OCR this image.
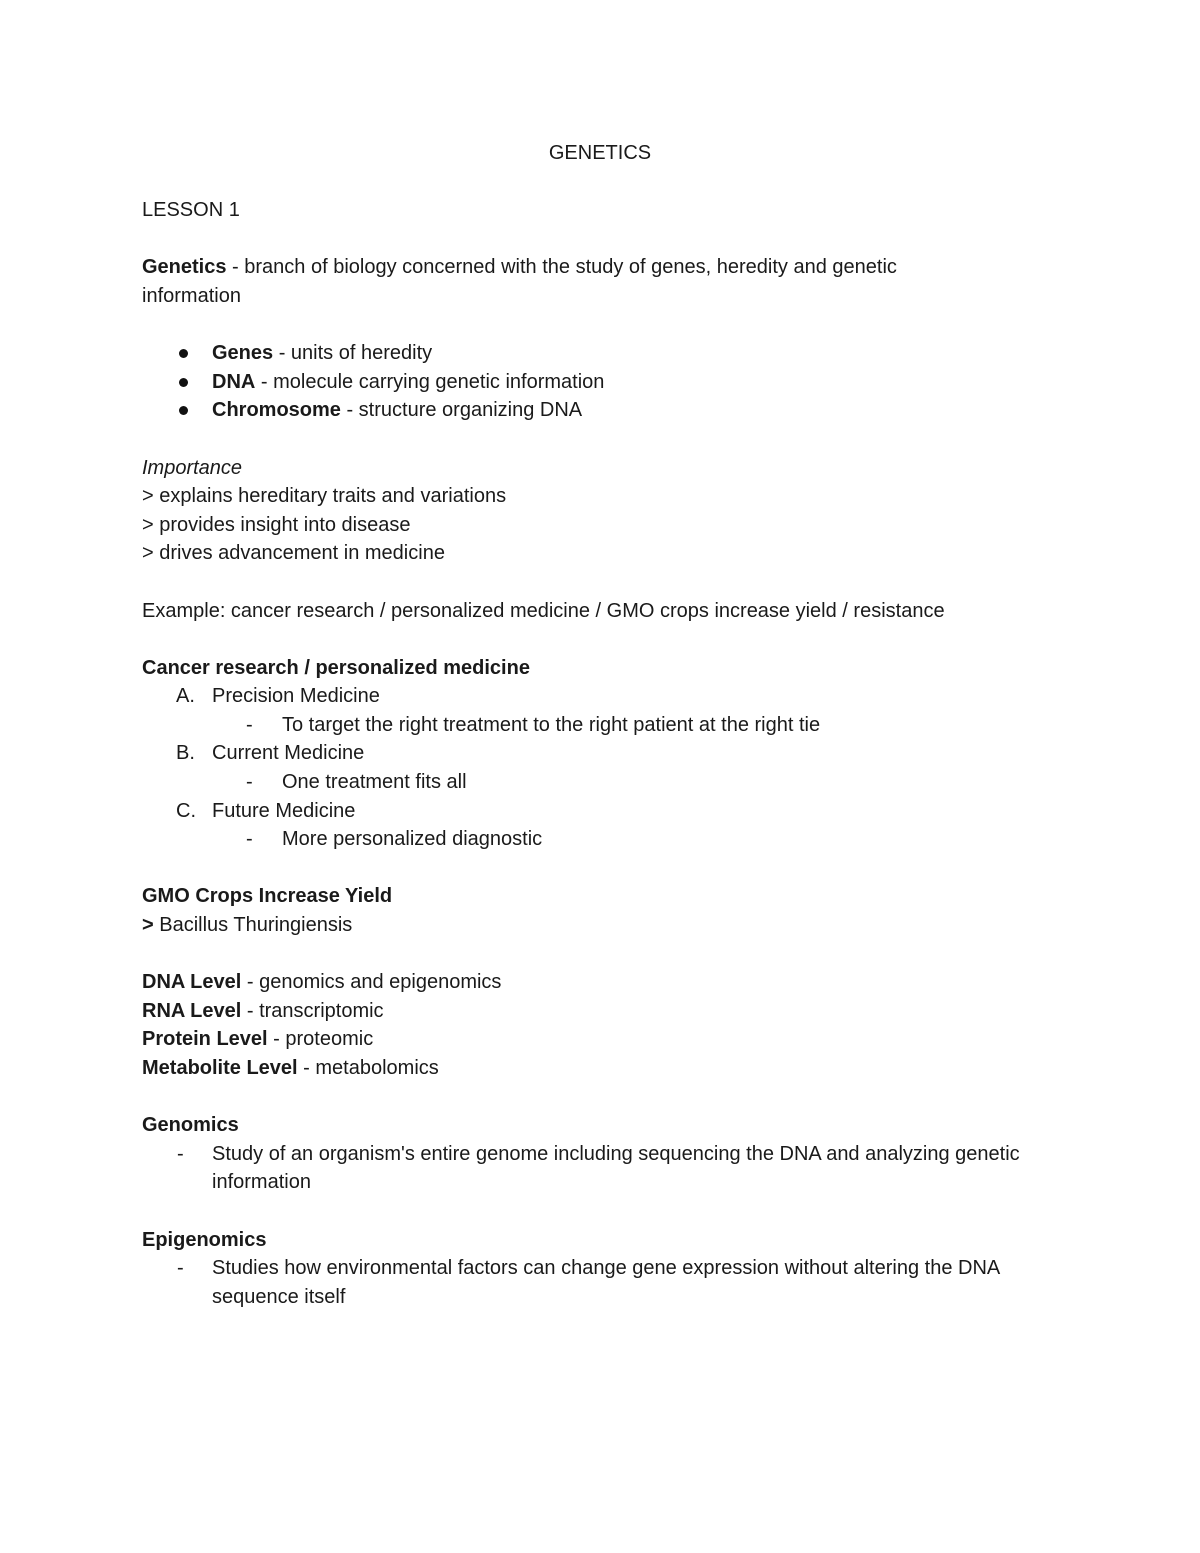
GENETICS
LESSON 1
Genetics - branch of biology concerned with the study of genes, heredity and genetic
information
Genes - units of heredity
DNA - molecule carrying genetic information
Chromosome - structure organizing DNA
Importance
> explains hereditary traits and variations
> provides insight into disease
> drives advancement in medicine
Example: cancer research / personalized medicine / GMO crops increase yield / resistance
Cancer research / personalized medicine
A. Precision Medicine
- To target the right treatment to the right patient at the right tie
B. Current Medicine
- One treatment fits all
C. Future Medicine
- More personalized diagnostic
GMO Crops Increase Yield
> Bacillus Thuringiensis
DNA Level - genomics and epigenomics
RNA Level - transcriptomic
Protein Level - proteomic
Metabolite Level - metabolomics
Genomics
- Study of an organism's entire genome including sequencing the DNA and analyzing genetic information
Epigenomics
- Studies how environmental factors can change gene expression without altering the DNA sequence itself
